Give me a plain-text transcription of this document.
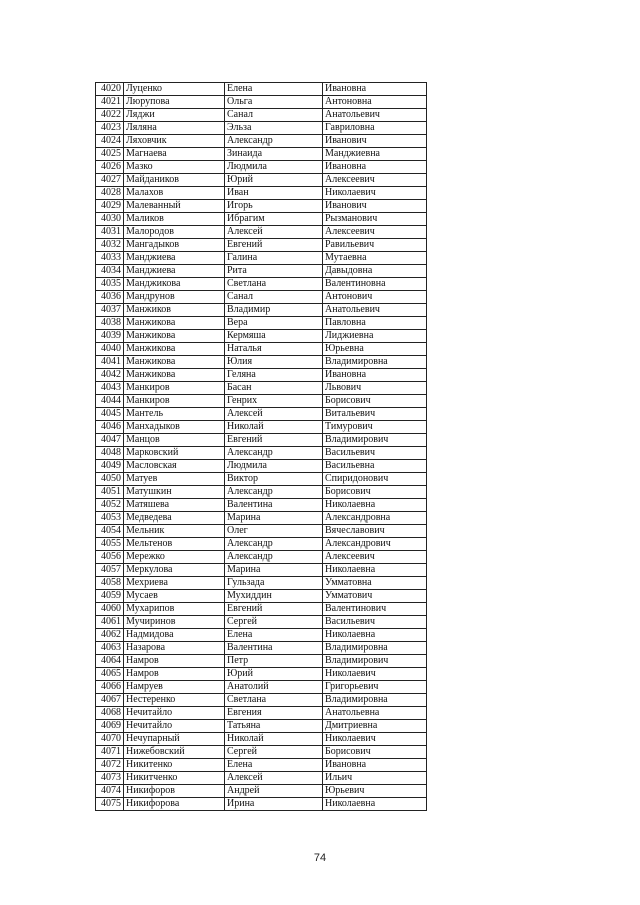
4020	Луценко	Елена	Ивановна
4021	Люрупова	Ольга	Антоновна
4022	Ляджи	Санал	Анатольевич
4023	Ляляна	Эльза	Гавриловна
4024	Ляховчик	Александр	Иванович
4025	Магнаева	Зинаида	Манджиевна
4026	Мазко	Людмила	Ивановна
4027	Майдаников	Юрий	Алексеевич
4028	Малахов	Иван	Николаевич
4029	Малеванный	Игорь	Иванович
4030	Маликов	Ибрагим	Рызманович
4031	Малородов	Алексей	Алексеевич
4032	Мангадыков	Евгений	Равильевич
4033	Манджиева	Галина	Мутаевна
4034	Манджиева	Рита	Давыдовна
4035	Манджикова	Светлана	Валентиновна
4036	Мандрунов	Санал	Антонович
4037	Манжиков	Владимир	Анатольевич
4038	Манжикова	Вера	Павловна
4039	Манжикова	Кермяша	Лиджиевна
4040	Манжикова	Наталья	Юрьевна
4041	Манжикова	Юлия	Владимировна
4042	Манжикова	Геляна	Ивановна
4043	Манкиров	Басан	Львович
4044	Манкиров	Генрих	Борисович
4045	Мантель	Алексей	Витальевич
4046	Манхадыков	Николай	Тимурович
4047	Манцов	Евгений	Владимирович
4048	Марковский	Александр	Васильевич
4049	Масловская	Людмила	Васильевна
4050	Матуев	Виктор	Спиридонович
4051	Матушкин	Александр	Борисович
4052	Матяшева	Валентина	Николаевна
4053	Медведева	Марина	Александровна
4054	Мельник	Олег	Вячеславович
4055	Мельтенов	Александр	Александрович
4056	Мережко	Александр	Алексеевич
4057	Меркулова	Марина	Николаевна
4058	Мехриева	Гульзада	Умматовна
4059	Мусаев	Мухиддин	Умматович
4060	Мухарипов	Евгений	Валентинович
4061	Мучиринов	Сергей	Васильевич
4062	Надмидова	Елена	Николаевна
4063	Назарова	Валентина	Владимировна
4064	Намров	Петр	Владимирович
4065	Намров	Юрий	Николаевич
4066	Намруев	Анатолий	Григорьевич
4067	Нестеренко	Светлана	Владимировна
4068	Нечитайло	Евгения	Анатольевна
4069	Нечитайло	Татьяна	Дмитриевна
4070	Нечупарный	Николай	Николаевич
4071	Нижебовский	Сергей	Борисович
4072	Никитенко	Елена	Ивановна
4073	Никитченко	Алексей	Ильич
4074	Никифоров	Андрей	Юрьевич
4075	Никифорова	Ирина	Николаевна
74
